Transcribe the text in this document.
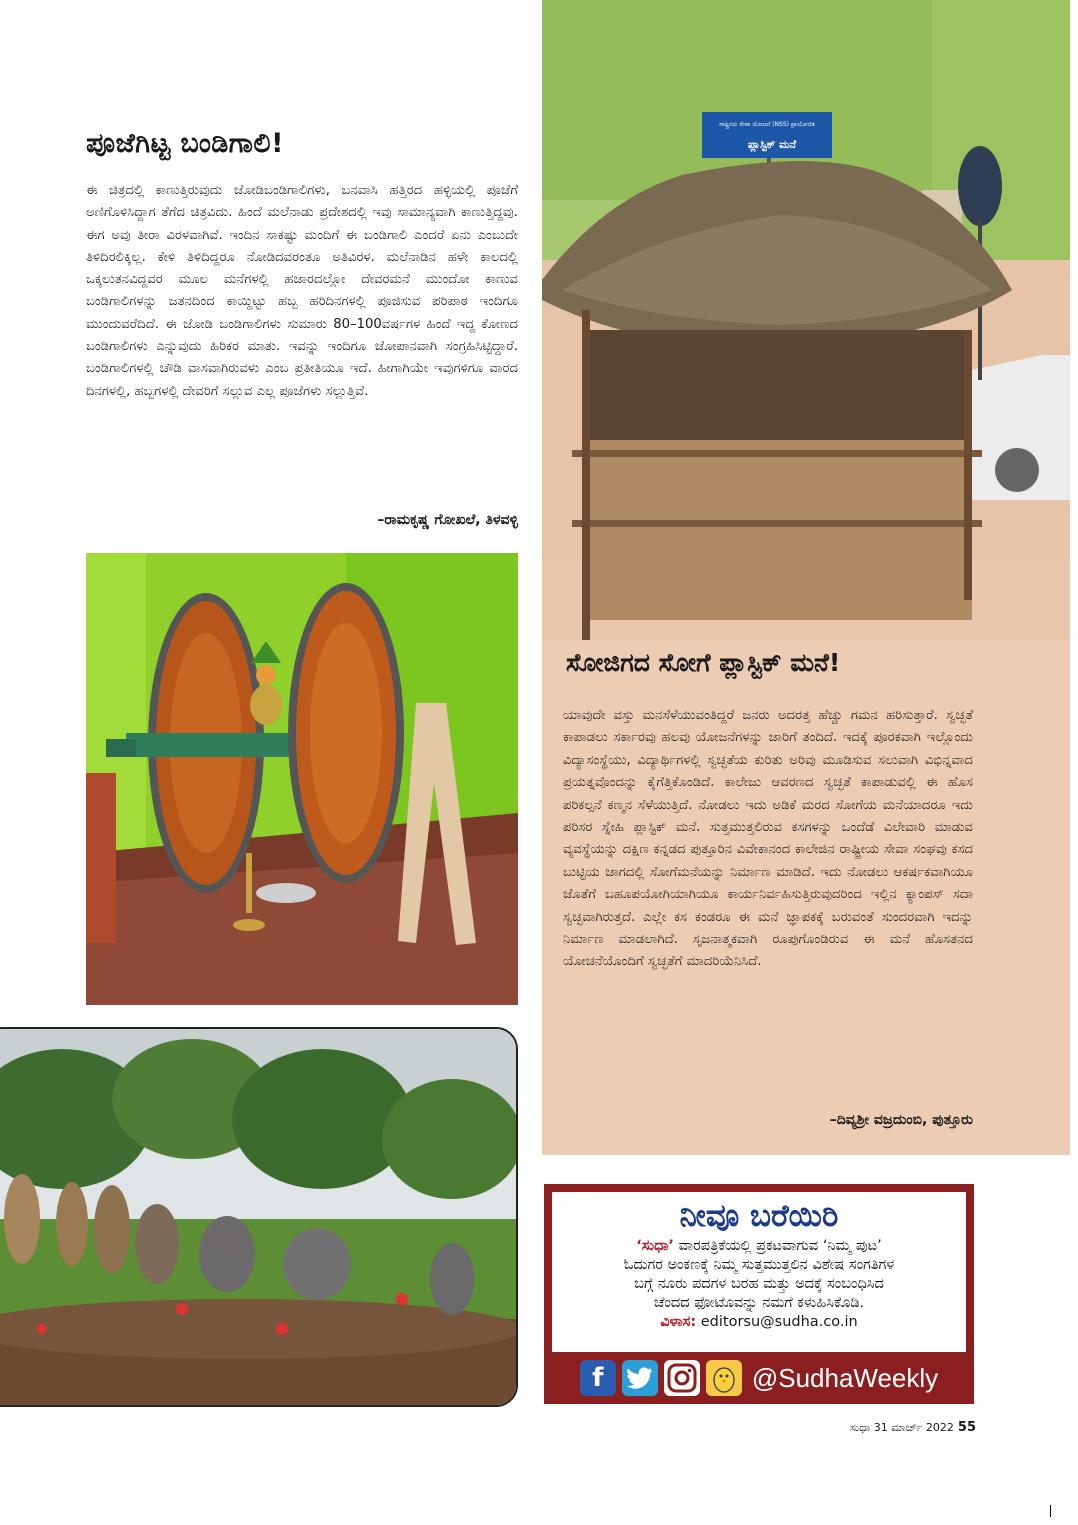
ಪೂಜೆಗಿಟ್ಟ ಬಂಡಿಗಾಲಿ!
ಈ ಚಿತ್ರದಲ್ಲಿ ಕಾಣುತ್ತಿರುವುದು ಜೋಡಿಬಂಡಿಗಾಲಿಗಳು, ಬನವಾಸಿ ಹತ್ತಿರದ ಹಳ್ಳಿಯಲ್ಲಿ ಪೂಜೆಗೆ ಅಣಿಗೊಳಿಸಿದ್ದಾಗ ತೆಗೆದ ಚಿತ್ರವಿದು. ಹಿಂದೆ ಮಲೆನಾಡು ಪ್ರದೇಶದಲ್ಲಿ ಇವು ಸಾಮಾನ್ಯವಾಗಿ ಕಾಣುತ್ತಿದ್ದವು. ಈಗ ಅವು ತೀರಾ ವಿರಳವಾಗಿವೆ. ಇಂದಿನ ಸಾಕಷ್ಟು ಮಂದಿಗೆ ಈ ಬಂಡಿಗಾಲಿ ಎಂದರೆ ಏನು ಎಂಬುದೇ ತಿಳಿದಿರಲಿಕ್ಕಿಲ್ಲ. ಕೇಳಿ ತಿಳಿದಿದ್ದರೂ ನೋಡಿದವರಂತೂ ಅತಿವಿರಳ. ಮಲೆನಾಡಿನ ಹಳೇ ಕಾಲದಲ್ಲಿ ಒಕ್ಕಲುತನವಿದ್ದವರ ಮೂಲ ಮನೆಗಳಲ್ಲಿ ಹಜಾರದಲ್ಲೋ ದೇವರಮನೆ ಮುಂದೋ ಕಾಣುವ ಬಂಡಿಗಾಲಿಗಳನ್ನು ಜತನದಿಂದ ಕಾಯ್ದಿಟ್ಟು ಹಬ್ಬ ಹರಿದಿನಗಳಲ್ಲಿ ಪೂಜಿಸುವ ಪರಿಪಾಠ ಇಂದಿಗೂ ಮುಂದುವರೆದಿದೆ. ಈ ಜೋಡಿ ಬಂಡಿಗಾಲಿಗಳು ಸುಮಾರು 80–100ವರ್ಷಗಳ ಹಿಂದೆ ಇದ್ದ ಕೋಣದ ಬಂಡಿಗಾಲಿಗಳು ಎನ್ನುವುದು ಹಿರಿಕರ ಮಾತು. ಇವನ್ನು ಇಂದಿಗೂ ಜೋಪಾನವಾಗಿ ಸಂಗ್ರಹಿಸಿಟ್ಟಿದ್ದಾರೆ. ಬಂಡಿಗಾಲಿಗಳಲ್ಲಿ ಚೌಡಿ ವಾಸವಾಗಿರುವಳು ಎಂಬ ಪ್ರತೀತಿಯೂ ಇದೆ. ಹೀಗಾಗಿಯೇ ಇವುಗಳಿಗೂ ವಾರದ ದಿನಗಳಲ್ಲಿ, ಹಬ್ಬಗಳಲ್ಲಿ ದೇವರಿಗೆ ಸಲ್ಲುವ ಎಲ್ಲ ಪೂಜೆಗಳು ಸಲ್ಲುತ್ತಿವೆ.
–ರಾಮಕೃಷ್ಣ ಗೋಖಲೆ, ತಿಳವಳ್ಳಿ
ರಾಷ್ಟ್ರೀಯ ಸೇವಾ ಯೋಜನೆ (NSS) ಪ್ರಾಯೋಜಿತ
ಪ್ಲಾಸ್ಟಿಕ್ ಮನೆ
ಸೋಜಿಗದ ಸೋಗೆ ಪ್ಲಾಸ್ಟಿಕ್ ಮನೆ!
ಯಾವುದೇ ವಸ್ತು ಮನಸೆಳೆಯುವಂತಿದ್ದರೆ ಜನರು ಅದರತ್ತ ಹೆಚ್ಚು ಗಮನ ಹರಿಸುತ್ತಾರೆ. ಸ್ವಚ್ಛತೆ ಕಾಪಾಡಲು ಸರ್ಕಾರವು ಹಲವು ಯೋಜನೆಗಳನ್ನು ಜಾರಿಗೆ ತಂದಿದೆ. ಇದಕ್ಕೆ ಪೂರಕವಾಗಿ ಇಲ್ಲೊಂದು ವಿದ್ಯಾಸಂಸ್ಥೆಯು, ವಿದ್ಯಾರ್ಥಿಗಳಲ್ಲಿ ಸ್ವಚ್ಛತೆಯ ಕುರಿತು ಅರಿವು ಮೂಡಿಸುವ ಸಲುವಾಗಿ ವಿಭಿನ್ನವಾದ ಪ್ರಯತ್ನವೊಂದನ್ನು ಕೈಗೆತ್ತಿಕೊಂಡಿದೆ. ಕಾಲೇಜು ಆವರಣದ ಸ್ವಚ್ಛತೆ ಕಾಪಾಡುವಲ್ಲಿ ಈ ಹೊಸ ಪರಿಕಲ್ಪನೆ ಕಣ್ಮನ ಸೆಳೆಯುತ್ತಿದೆ. ನೋಡಲು ಇದು ಅಡಿಕೆ ಮರದ ಸೋಗೆಯ ಮನೆಯಾದರೂ ಇದು ಪರಿಸರ ಸ್ನೇಹಿ ಪ್ಲಾಸ್ಟಿಕ್ ಮನೆ. ಸುತ್ತಮುತ್ತಲಿರುವ ಕಸಗಳನ್ನು ಒಂದೆಡೆ ವಿಲೇವಾರಿ ಮಾಡುವ ವ್ಯವಸ್ಥೆಯನ್ನು ದಕ್ಷಿಣ ಕನ್ನಡದ ಪುತ್ತೂರಿನ ವಿವೇಕಾನಂದ ಕಾಲೇಜಿನ ರಾಷ್ಟ್ರೀಯ ಸೇವಾ ಸಂಘವು ಕಸದ ಬುಟ್ಟಿಯ ಜಾಗದಲ್ಲಿ ಸೋಗೆಮನೆಯನ್ನು ನಿರ್ಮಾಣ ಮಾಡಿದೆ. ಇದು ನೋಡಲು ಆಕರ್ಷಕವಾಗಿಯೂ ಜೊತೆಗೆ ಬಹೂಪಯೋಗಿಯಾಗಿಯೂ ಕಾರ್ಯನಿರ್ವಹಿಸುತ್ತಿರುವುದರಿಂದ ಇಲ್ಲಿನ ಕ್ಯಾಂಪಸ್ ಸದಾ ಸ್ವಚ್ಛವಾಗಿರುತ್ತದೆ. ಎಲ್ಲೇ ಕಸ ಕಂಡರೂ ಈ ಮನೆ ಜ್ಞಾಪಕಕ್ಕೆ ಬರುವಂತೆ ಸುಂದರವಾಗಿ ಇದನ್ನು ನಿರ್ಮಾಣ ಮಾಡಲಾಗಿದೆ. ಸೃಜನಾತ್ಮಕವಾಗಿ ರೂಪುಗೊಂಡಿರುವ ಈ ಮನೆ ಹೊಸತನದ ಯೋಚನೆಯೊಂದಿಗೆ ಸ್ವಚ್ಛತೆಗೆ ಮಾದರಿಯೆನಿಸಿದೆ.
–ದಿವ್ಯಶ್ರೀ ವಜ್ರದುಂಬಿ, ಪುತ್ತೂರು
ನೀವೂ ಬರೆಯಿರಿ
‘ಸುಧಾ’ ವಾರಪತ್ರಿಕೆಯಲ್ಲಿ ಪ್ರಕಟವಾಗುವ ‘ನಿಮ್ಮ ಪುಟ’
ಓದುಗರ ಅಂಕಣಕ್ಕೆ ನಿಮ್ಮ ಸುತ್ತಮುತ್ತಲಿನ ವಿಶೇಷ ಸಂಗತಿಗಳ
ಬಗ್ಗೆ ನೂರು ಪದಗಳ ಬರಹ ಮತ್ತು ಅದಕ್ಕೆ ಸಂಬಂಧಿಸಿದ
ಚೆಂದದ ಫೋಟೊವನ್ನು ನಮಗೆ ಕಳುಹಿಸಿಕೊಡಿ.
ವಿಳಾಸ: editorsu@sudha.co.in
f	@SudhaWeekly
ಸುಧಾ 31 ಮಾರ್ಚ್ 2022 55
